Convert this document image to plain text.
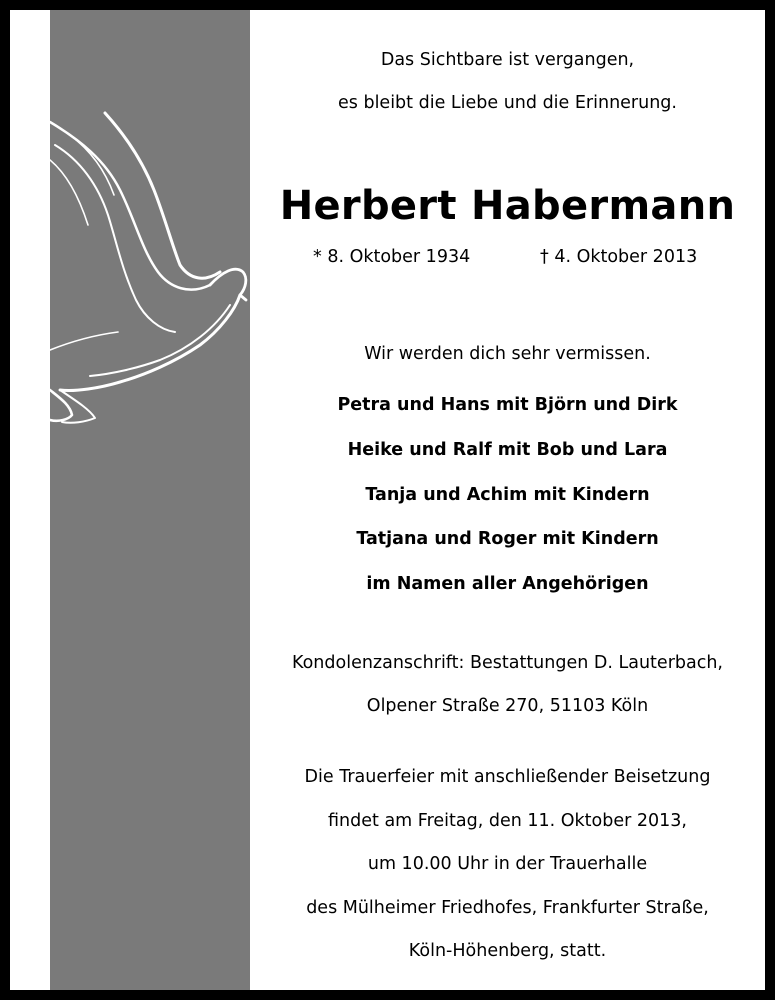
Das Sichtbare ist vergangen,
es bleibt die Liebe und die Erinnerung.
Herbert Habermann
* 8. Oktober 1934	† 4. Oktober 2013
Wir werden dich sehr vermissen.
Petra und Hans mit Björn und Dirk
Heike und Ralf mit Bob und Lara
Tanja und Achim mit Kindern
Tatjana und Roger mit Kindern
im Namen aller Angehörigen
Kondolenzanschrift: Bestattungen D. Lauterbach,
Olpener Straße 270, 51103 Köln
Die Trauerfeier mit anschließender Beisetzung
findet am Freitag, den 11. Oktober 2013,
um 10.00 Uhr in der Trauerhalle
des Mülheimer Friedhofes, Frankfurter Straße,
Köln-Höhenberg, statt.
